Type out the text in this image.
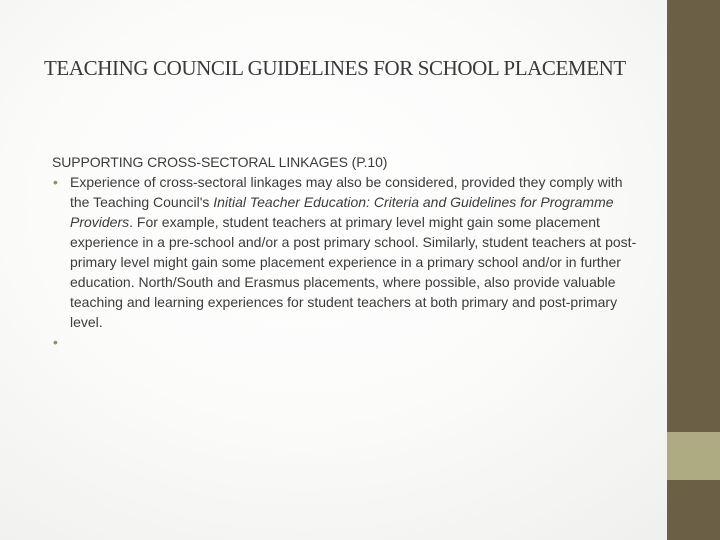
TEACHING COUNCIL GUIDELINES FOR SCHOOL PLACEMENT

SUPPORTING CROSS-SECTORAL LINKAGES (P.10)

• Experience of cross-sectoral linkages may also be considered, provided they comply with the Teaching Council's Initial Teacher Education: Criteria and Guidelines for Programme Providers. For example, student teachers at primary level might gain some placement experience in a pre-school and/or a post primary school. Similarly, student teachers at post-primary level might gain some placement experience in a primary school and/or in further education. North/South and Erasmus placements, where possible, also provide valuable teaching and learning experiences for student teachers at both primary and post-primary level.
•
